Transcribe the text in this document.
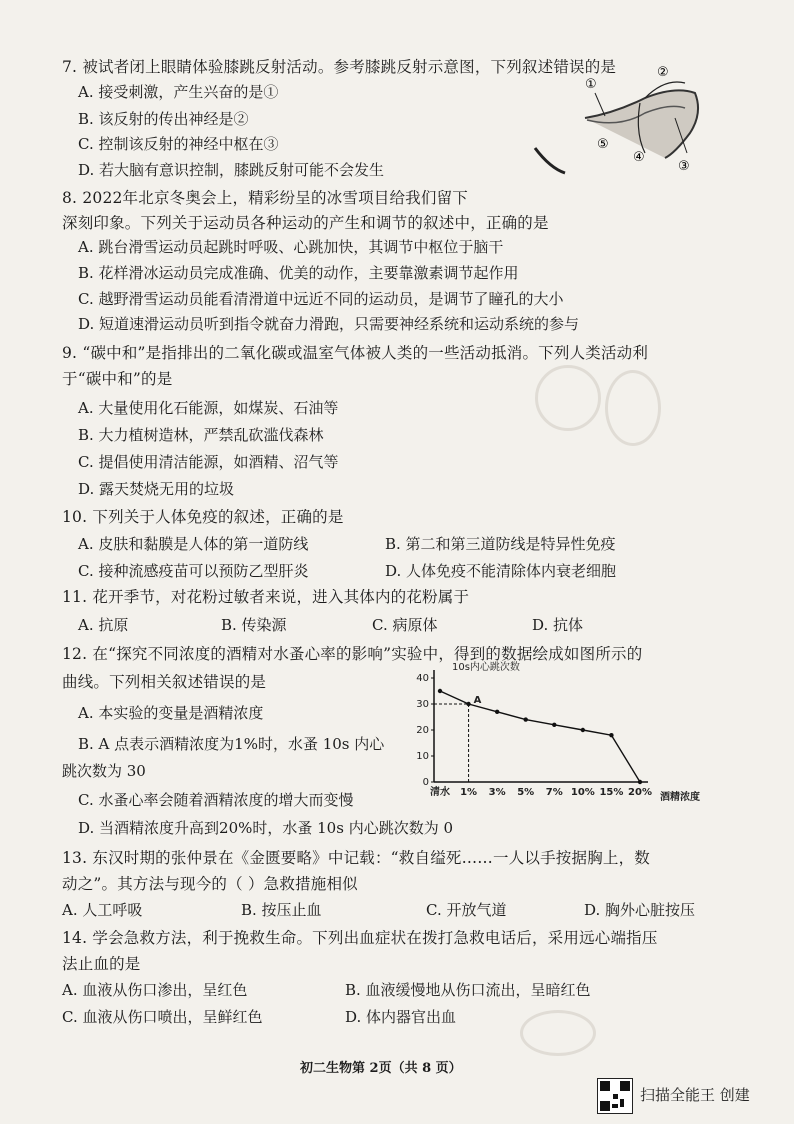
7. 被试者闭上眼睛体验膝跳反射活动。参考膝跳反射示意图，下列叙述错误的是
A. 接受刺激，产生兴奋的是①
B. 该反射的传出神经是②
C. 控制该反射的神经中枢在③
D. 若大脑有意识控制，膝跳反射可能不会发生
①
②
③
④
⑤
8. 2022年北京冬奥会上，精彩纷呈的冰雪项目给我们留下
深刻印象。下列关于运动员各种运动的产生和调节的叙述中，正确的是
A. 跳台滑雪运动员起跳时呼吸、心跳加快，其调节中枢位于脑干
B. 花样滑冰运动员完成准确、优美的动作，主要靠激素调节起作用
C. 越野滑雪运动员能看清滑道中远近不同的运动员，是调节了瞳孔的大小
D. 短道速滑运动员听到指令就奋力滑跑，只需要神经系统和运动系统的参与
9. “碳中和”是指排出的二氧化碳或温室气体被人类的一些活动抵消。下列人类活动利
于“碳中和”的是
A. 大量使用化石能源，如煤炭、石油等
B. 大力植树造林，严禁乱砍滥伐森林
C. 提倡使用清洁能源，如酒精、沼气等
D. 露天焚烧无用的垃圾
10. 下列关于人体免疫的叙述，正确的是
A. 皮肤和黏膜是人体的第一道防线	B. 第二和第三道防线是特异性免疫
C. 接种流感疫苗可以预防乙型肝炎	D. 人体免疫不能清除体内衰老细胞
11. 花开季节，对花粉过敏者来说，进入其体内的花粉属于
A. 抗原	B. 传染源	C. 病原体	D. 抗体
12. 在“探究不同浓度的酒精对水蚤心率的影响”实验中，得到的数据绘成如图所示的
曲线。下列相关叙述错误的是
A. 本实验的变量是酒精浓度
B. A 点表示酒精浓度为1%时，水蚤 10s 内心
跳次数为 30
C. 水蚤心率会随着酒精浓度的增大而变慢
D. 当酒精浓度升高到20%时，水蚤 10s 内心跳次数为 0
10s内心跳次数
0
10
20
30
40
清水 1% 3% 5% 7% 10% 15% 20%
A
酒精浓度
13. 东汉时期的张仲景在《金匮要略》中记载：“救自缢死……一人以手按据胸上，数
动之”。其方法与现今的（ ）急救措施相似
A. 人工呼吸	B. 按压止血	C. 开放气道	D. 胸外心脏按压
14. 学会急救方法，利于挽救生命。下列出血症状在拨打急救电话后，采用远心端指压
法止血的是
A. 血液从伤口渗出，呈红色	B. 血液缓慢地从伤口流出，呈暗红色
C. 血液从伤口喷出，呈鲜红色	D. 体内器官出血
初二生物第 2页（共 8 页）
扫描全能王 创建
